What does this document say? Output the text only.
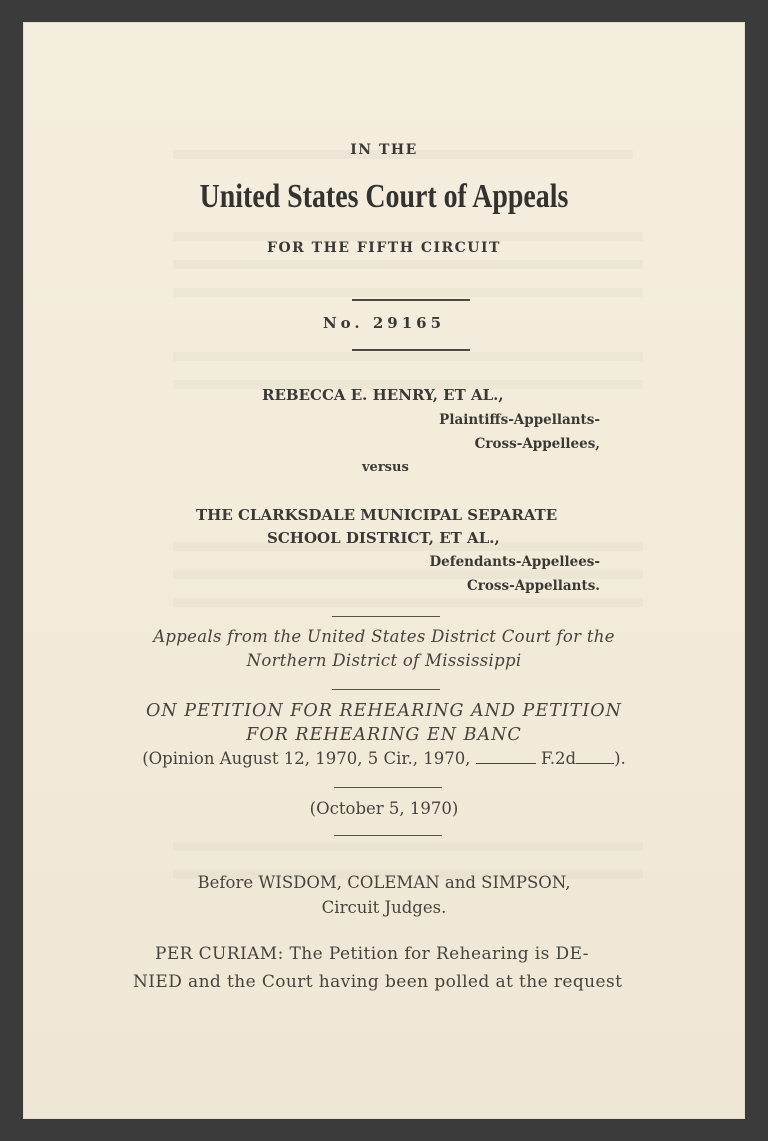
IN THE
United States Court of Appeals
FOR THE FIFTH CIRCUIT
No. 29165
REBECCA E. HENRY, ET AL.,
Plaintiffs-Appellants-
Cross-Appellees,
versus
THE CLARKSDALE MUNICIPAL SEPARATE
SCHOOL DISTRICT, ET AL.,
Defendants-Appellees-
Cross-Appellants.
Appeals from the United States District Court for the
Northern District of Mississippi
ON PETITION FOR REHEARING AND PETITION
FOR REHEARING EN BANC
(Opinion August 12, 1970, 5 Cir., 1970,	F.2d ).
(October 5, 1970)
Before WISDOM, COLEMAN and SIMPSON,
Circuit Judges.
PER CURIAM: The Petition for Rehearing is DE-
NIED and the Court having been polled at the request
